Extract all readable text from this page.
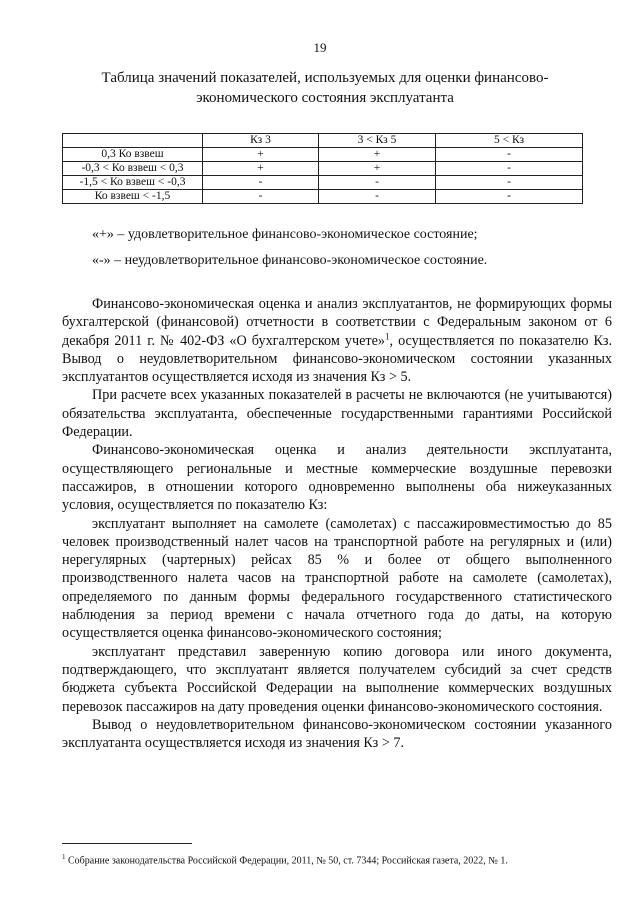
19
Таблица значений показателей, используемых для оценки финансово-
экономического состояния эксплуатанта
	Кз 3	3 < Кз 5	5 < Кз
0,3 Ко взвеш	+	+	-
-0,3 < Ко взвеш < 0,3	+	+	-
-1,5 < Ко взвеш < -0,3	-	-	-
Ко взвеш < -1,5	-	-	-
«+» – удовлетворительное финансово-экономическое состояние;
«-» – неудовлетворительное финансово-экономическое состояние.

Финансово-экономическая оценка и анализ эксплуатантов, не формирующих формы бухгалтерской (финансовой) отчетности в соответствии с Федеральным законом от 6 декабря 2011 г. № 402-ФЗ «О бухгалтерском учете»$^1$, осуществляется по показателю Кз. Вывод о неудовлетворительном финансово-экономическом состоянии указанных эксплуатантов осуществляется исходя из значения Кз > 5.

При расчете всех указанных показателей в расчеты не включаются (не учитываются) обязательства эксплуатанта, обеспеченные государственными гарантиями Российской Федерации.

Финансово-экономическая оценка и анализ деятельности эксплуатанта, осуществляющего региональные и местные коммерческие воздушные перевозки пассажиров, в отношении которого одновременно выполнены оба нижеуказанных условия, осуществляется по показателю Кз:

эксплуатант выполняет на самолете (самолетах) с пассажировместимостью до 85 человек производственный налет часов на транспортной работе на регулярных и (или) нерегулярных (чартерных) рейсах 85 % и более от общего выполненного производственного налета часов на транспортной работе на самолете (самолетах), определяемого по данным формы федерального государственного статистического наблюдения за период времени с начала отчетного года до даты, на которую осуществляется оценка финансово-экономического состояния;

эксплуатант представил заверенную копию договора или иного документа, подтверждающего, что эксплуатант является получателем субсидий за счет средств бюджета субъекта Российской Федерации на выполнение коммерческих воздушных перевозок пассажиров на дату проведения оценки финансово-экономического состояния.

Вывод о неудовлетворительном финансово-экономическом состоянии указанного эксплуатанта осуществляется исходя из значения Кз > 7.

$^1$ Собрание законодательства Российской Федерации, 2011, № 50, ст. 7344; Российская газета, 2022, № 1.
